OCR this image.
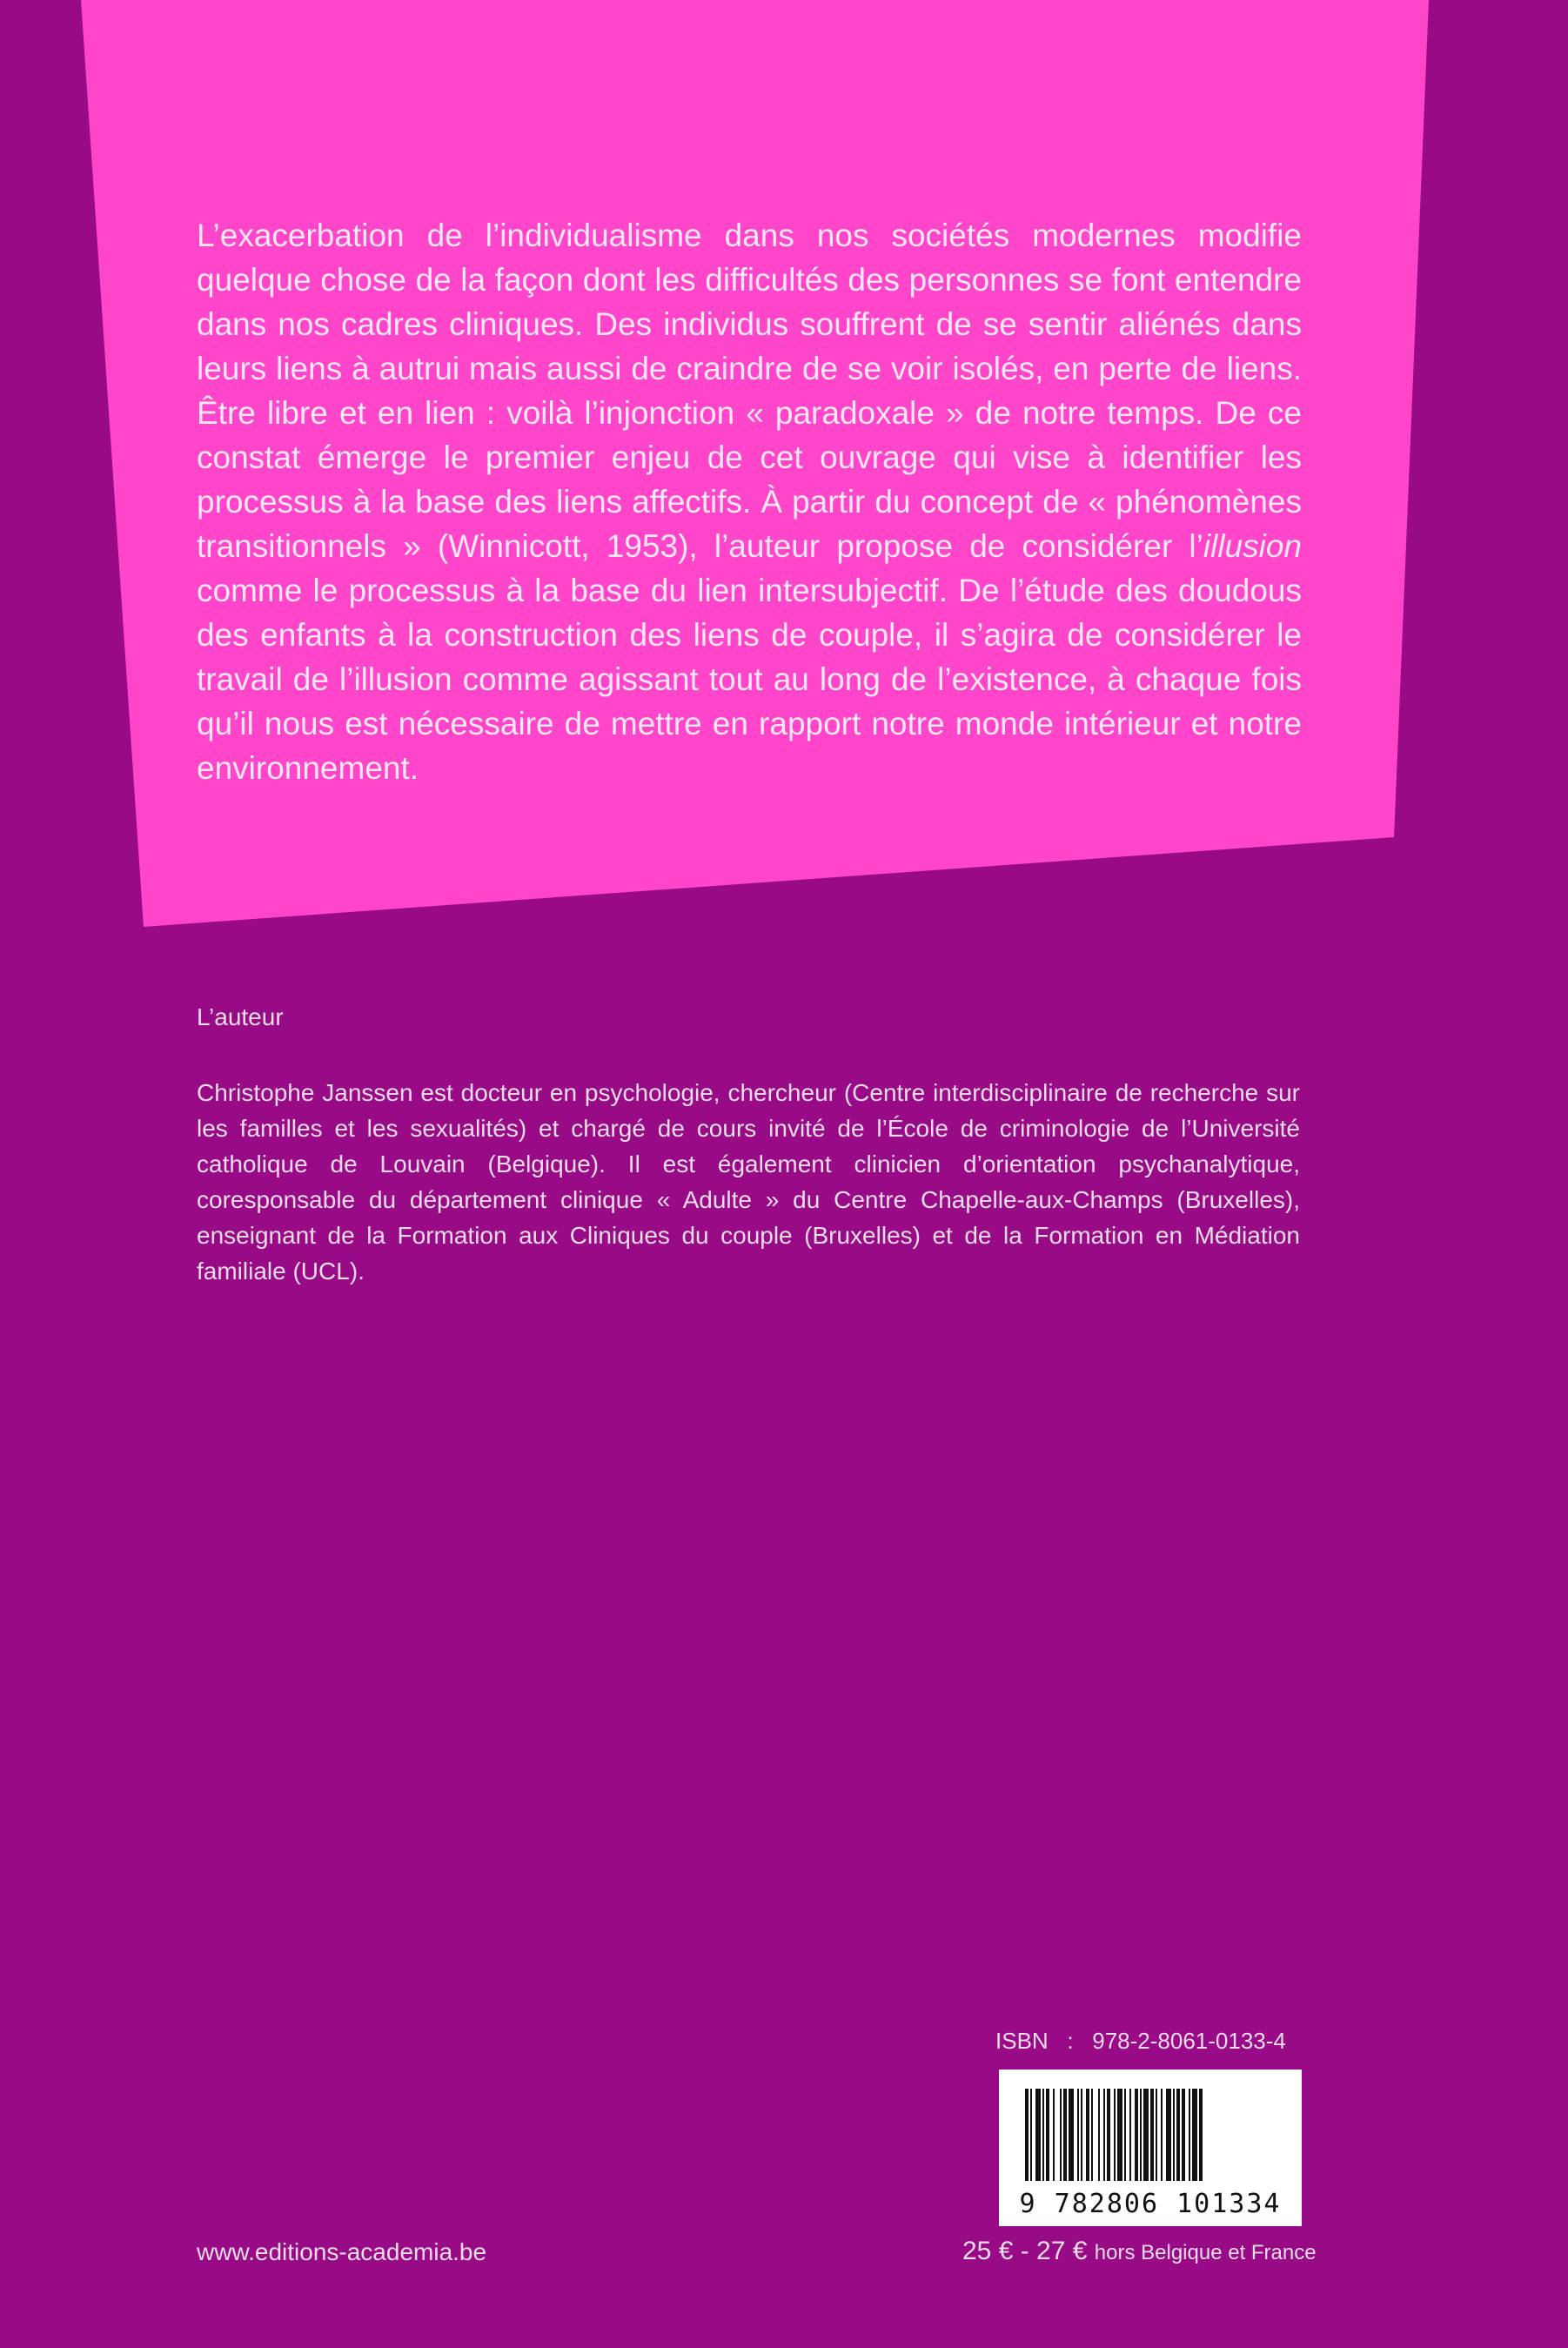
L’exacerbation de l’individualisme dans nos sociétés modernes modifie quelque chose de la façon dont les difficultés des personnes se font entendre dans nos cadres cliniques. Des individus souffrent de se sentir aliénés dans leurs liens à autrui mais aussi de craindre de se voir isolés, en perte de liens. Être libre et en lien : voilà l’injonction « paradoxale » de notre temps. De ce constat émerge le premier enjeu de cet ouvrage qui vise à identifier les processus à la base des liens affectifs. À partir du concept de « phénomènes transitionnels » (Winnicott, 1953), l’auteur propose de considérer l’illusion comme le processus à la base du lien intersubjectif. De l’étude des doudous des enfants à la construction des liens de couple, il s’agira de considérer le travail de l’illusion comme agissant tout au long de l’existence, à chaque fois qu’il nous est nécessaire de mettre en rapport notre monde intérieur et notre environnement.

L’auteur

Christophe Janssen est docteur en psychologie, chercheur (Centre interdisciplinaire de recherche sur les familles et les sexualités) et chargé de cours invité de l’École de criminologie de l’Université catholique de Louvain (Belgique). Il est également clinicien d’orientation psychanalytique, coresponsable du département clinique « Adulte » du Centre Chapelle-aux-Champs (Bruxelles), enseignant de la Formation aux Cliniques du couple (Bruxelles) et de la Formation en Médiation familiale (UCL).

ISBN   :   978-2-8061-0133-4
9 782806 101334
www.editions-academia.be	25 € - 27 € hors Belgique et France
